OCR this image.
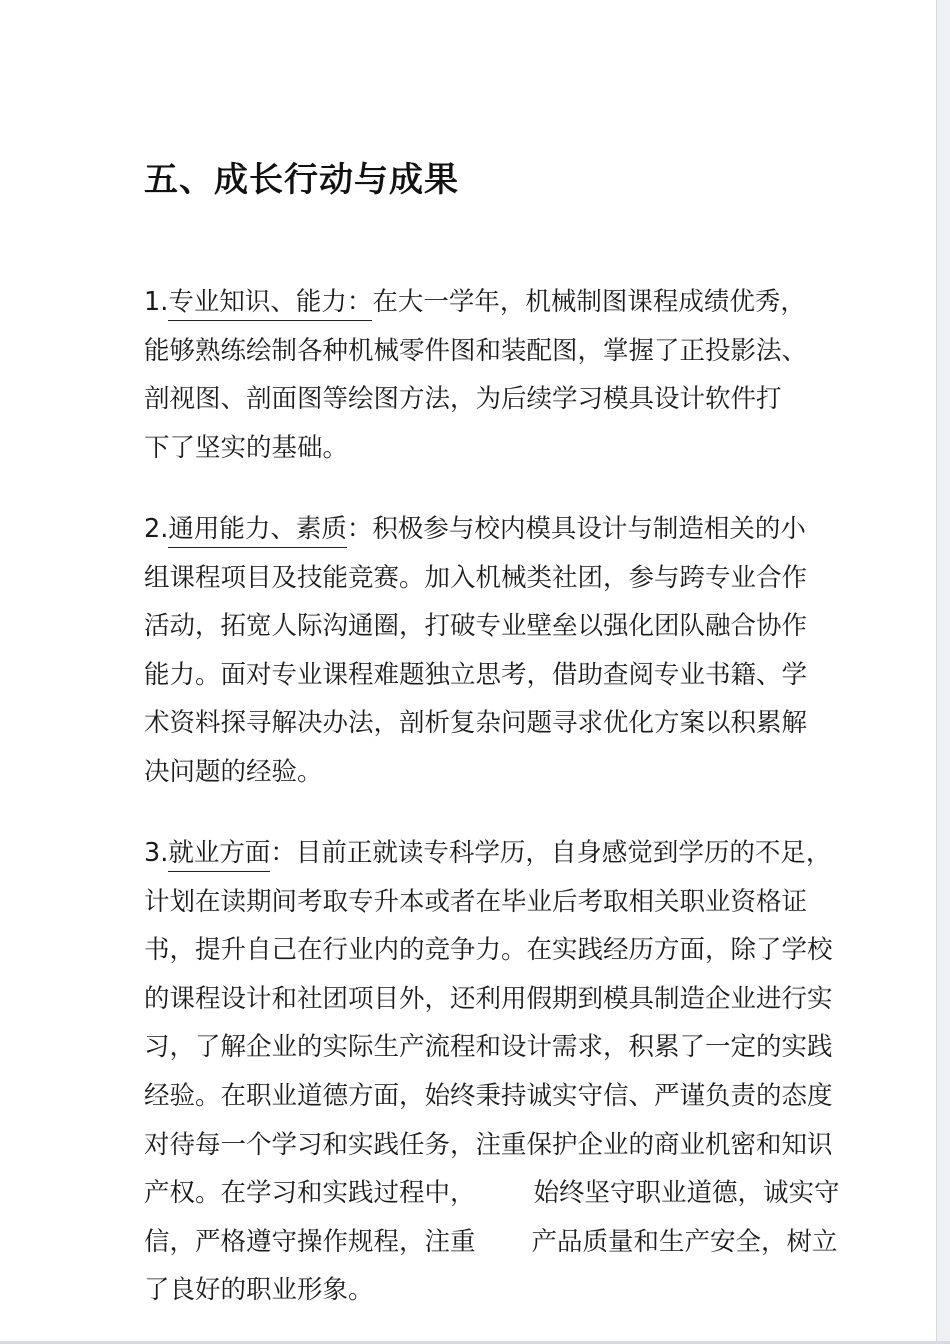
五、成长行动与成果
1.专业知识、能力：在大一学年，机械制图课程成绩优秀，
能够熟练绘制各种机械零件图和装配图，掌握了正投影法、
剖视图、剖面图等绘图方法，为后续学习模具设计软件打
下了坚实的基础。
2.通用能力、素质：积极参与校内模具设计与制造相关的小
组课程项目及技能竞赛。加入机械类社团，参与跨专业合作
活动，拓宽人际沟通圈，打破专业壁垒以强化团队融合协作
能力。面对专业课程难题独立思考，借助查阅专业书籍、学
术资料探寻解决办法，剖析复杂问题寻求优化方案以积累解
决问题的经验。
3.就业方面：目前正就读专科学历，自身感觉到学历的不足，
计划在读期间考取专升本或者在毕业后考取相关职业资格证
书，提升自己在行业内的竞争力。在实践经历方面，除了学校
的课程设计和社团项目外，还利用假期到模具制造企业进行实
习，了解企业的实际生产流程和设计需求，积累了一定的实践
经验。在职业道德方面，始终秉持诚实守信、严谨负责的态度
对待每一个学习和实践任务，注重保护企业的商业机密和知识
产权。在学习和实践过程中， 始终坚守职业道德，诚实守
信，严格遵守操作规程，注重 产品质量和生产安全，树立
了良好的职业形象。
